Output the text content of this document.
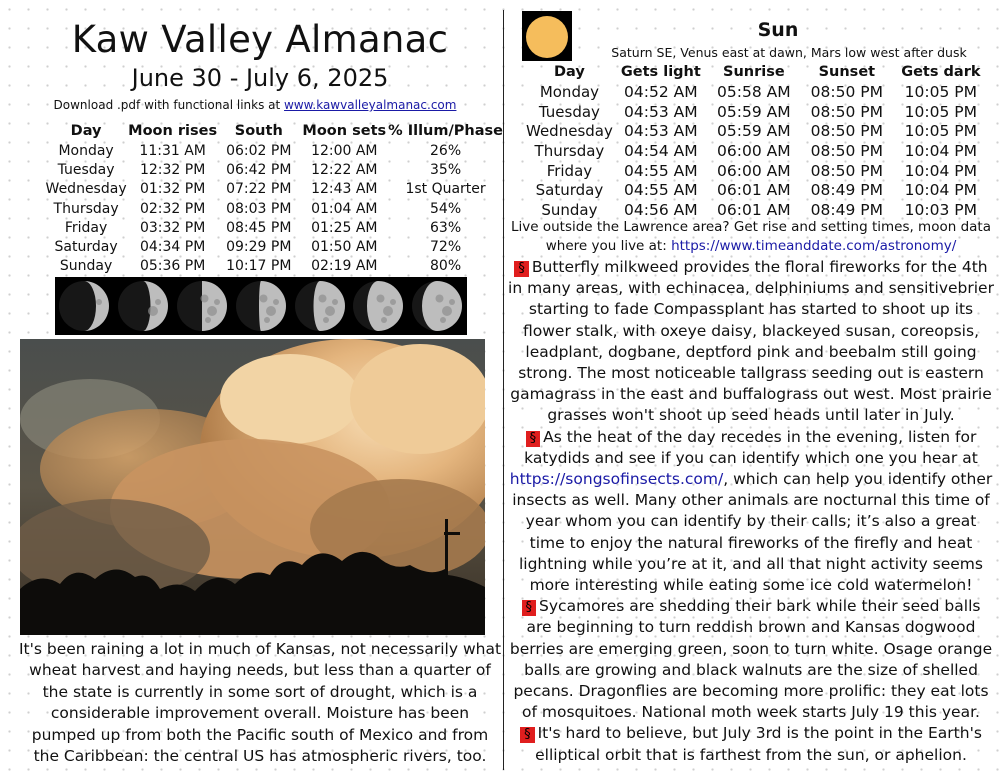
Kaw Valley Almanac
June 30 - July 6, 2025
Download .pdf with functional links at www.kawvalleyalmanac.com
Day	Moon rises	South	Moon sets	% Illum/Phase
Monday	11:31 AM	06:02 PM	12:00 AM	26%
Tuesday	12:32 PM	06:42 PM	12:22 AM	35%
Wednesday	01:32 PM	07:22 PM	12:43 AM	1st Quarter
Thursday	02:32 PM	08:03 PM	01:04 AM	54%
Friday	03:32 PM	08:45 PM	01:25 AM	63%
Saturday	04:34 PM	09:29 PM	01:50 AM	72%
Sunday	05:36 PM	10:17 PM	02:19 AM	80%
It's been raining a lot in much of Kansas, not necessarily what wheat harvest and haying needs, but less than a quarter of the state is currently in some sort of drought, which is a considerable improvement overall. Moisture has been pumped up from both the Pacific south of Mexico and from the Caribbean: the central US has atmospheric rivers, too.
Sun
Saturn SE, Venus east at dawn, Mars low west after dusk
Day	Gets light	Sunrise	Sunset	Gets dark
Monday	04:52 AM	05:58 AM	08:50 PM	10:05 PM
Tuesday	04:53 AM	05:59 AM	08:50 PM	10:05 PM
Wednesday	04:53 AM	05:59 AM	08:50 PM	10:05 PM
Thursday	04:54 AM	06:00 AM	08:50 PM	10:04 PM
Friday	04:55 AM	06:00 AM	08:50 PM	10:04 PM
Saturday	04:55 AM	06:01 AM	08:49 PM	10:04 PM
Sunday	04:56 AM	06:01 AM	08:49 PM	10:03 PM
Live outside the Lawrence area? Get rise and setting times, moon data where you live at: https://www.timeanddate.com/astronomy/
§ Butterfly milkweed provides the floral fireworks for the 4th in many areas, with echinacea, delphiniums and sensitivebrier starting to fade Compassplant has started to shoot up its flower stalk, with oxeye daisy, blackeyed susan, coreopsis, leadplant, dogbane, deptford pink and beebalm still going strong. The most noticeable tallgrass seeding out is eastern gamagrass in the east and buffalograss out west. Most prairie grasses won't shoot up seed heads until later in July.
§ As the heat of the day recedes in the evening, listen for katydids and see if you can identify which one you hear at https://songsofinsects.com/, which can help you identify other insects as well. Many other animals are nocturnal this time of year whom you can identify by their calls; it’s also a great time to enjoy the natural fireworks of the firefly and heat lightning while you’re at it, and all that night activity seems more interesting while eating some ice cold watermelon!
§ Sycamores are shedding their bark while their seed balls are beginning to turn reddish brown and Kansas dogwood berries are emerging green, soon to turn white. Osage orange balls are growing and black walnuts are the size of shelled pecans. Dragonflies are becoming more prolific: they eat lots of mosquitoes. National moth week starts July 19 this year.
§ It's hard to believe, but July 3rd is the point in the Earth's elliptical orbit that is farthest from the sun, or aphelion.
